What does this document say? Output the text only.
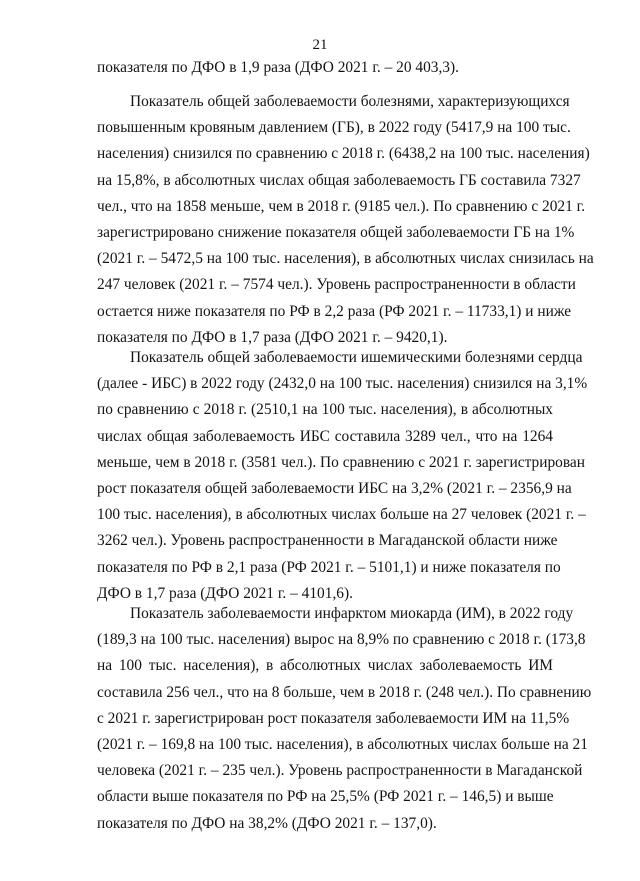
21
показателя по ДФО в 1,9 раза (ДФО 2021 г. – 20 403,3).
Показатель общей заболеваемости болезнями, характеризующихся
повышенным кровяным давлением (ГБ), в 2022 году (5417,9 на 100 тыс.
населения) снизился по сравнению с 2018 г. (6438,2 на 100 тыс. населения)
на 15,8%, в абсолютных числах общая заболеваемость ГБ составила 7327
чел., что на 1858 меньше, чем в 2018 г. (9185 чел.). По сравнению с 2021 г.
зарегистрировано снижение показателя общей заболеваемости ГБ на 1%
(2021 г. – 5472,5 на 100 тыс. населения), в абсолютных числах снизилась на
247 человек (2021 г. – 7574 чел.). Уровень распространенности в области
остается ниже показателя по РФ в 2,2 раза (РФ 2021 г. – 11733,1) и ниже
показателя по ДФО в 1,7 раза (ДФО 2021 г. – 9420,1).
Показатель общей заболеваемости ишемическими болезнями сердца
(далее - ИБС) в 2022 году (2432,0 на 100 тыс. населения) снизился на 3,1%
по сравнению с 2018 г. (2510,1 на 100 тыс. населения), в абсолютных
числах общая заболеваемость ИБС составила 3289 чел., что на 1264
меньше, чем в 2018 г. (3581 чел.). По сравнению с 2021 г. зарегистрирован
рост показателя общей заболеваемости ИБС на 3,2% (2021 г. – 2356,9 на
100 тыс. населения), в абсолютных числах больше на 27 человек (2021 г. –
3262 чел.). Уровень распространенности в Магаданской области ниже
показателя по РФ в 2,1 раза (РФ 2021 г. – 5101,1) и ниже показателя по
ДФО в 1,7 раза (ДФО 2021 г. – 4101,6).
Показатель заболеваемости инфарктом миокарда (ИМ), в 2022 году
(189,3 на 100 тыс. населения) вырос на 8,9% по сравнению с 2018 г. (173,8
на 100 тыс. населения), в абсолютных числах заболеваемость ИМ
составила 256 чел., что на 8 больше, чем в 2018 г. (248 чел.). По сравнению
с 2021 г. зарегистрирован рост показателя заболеваемости ИМ на 11,5%
(2021 г. – 169,8 на 100 тыс. населения), в абсолютных числах больше на 21
человека (2021 г. – 235 чел.). Уровень распространенности в Магаданской
области выше показателя по РФ на 25,5% (РФ 2021 г. – 146,5) и выше
показателя по ДФО на 38,2% (ДФО 2021 г. – 137,0).
